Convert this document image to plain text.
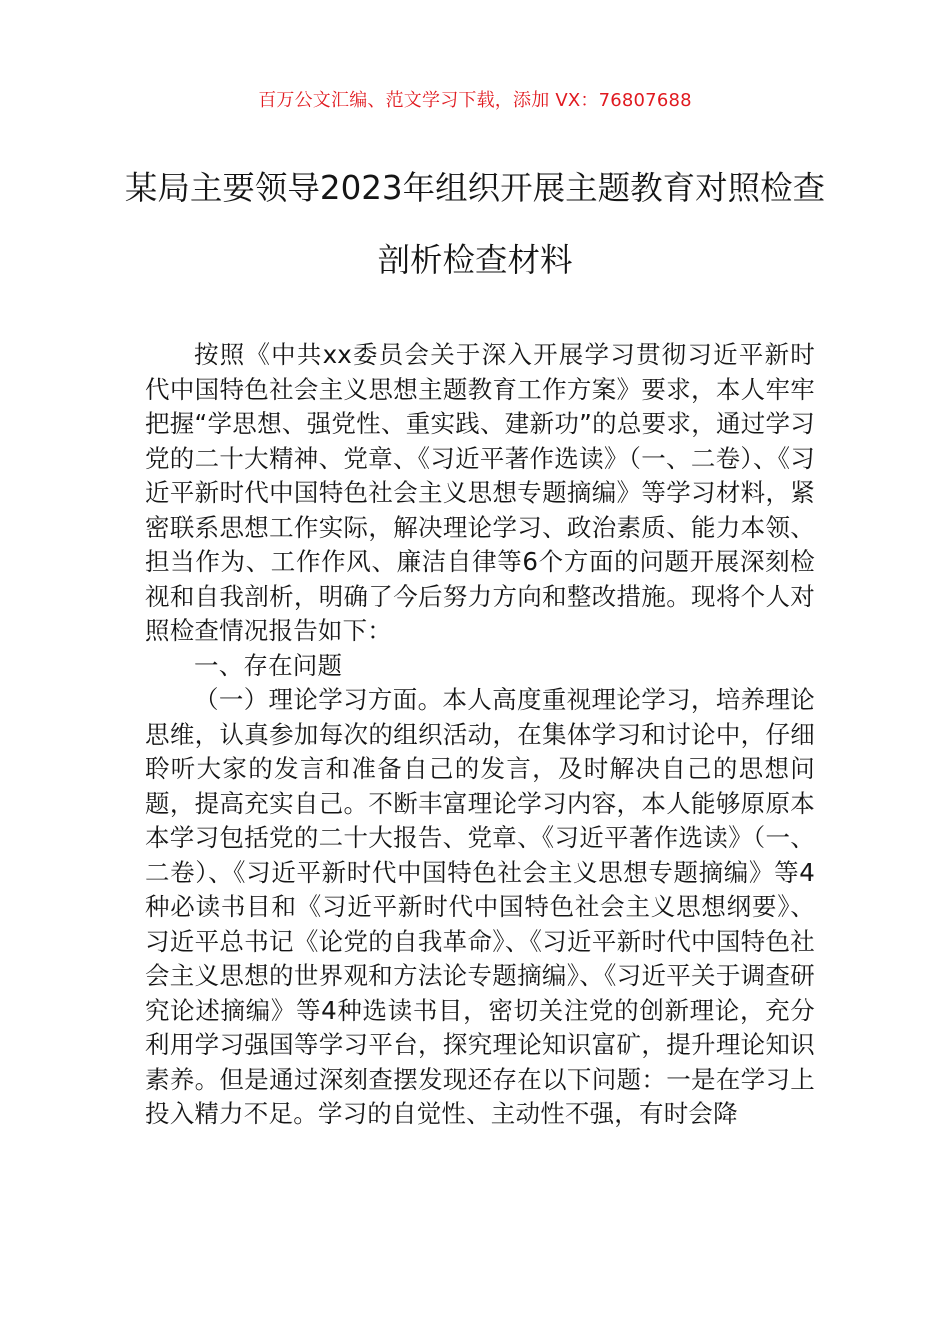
百万公文汇编、范文学习下载，添加 VX：76807688
某局主要领导2023年组织开展主题教育对照检查剖析检查材料

按照《中共xx委员会关于深入开展学习贯彻习近平新时代中国特色社会主义思想主题教育工作方案》要求，本人牢牢把握“学思想、强党性、重实践、建新功”的总要求，通过学习党的二十大精神、党章、《习近平著作选读》（一、二卷）、《习近平新时代中国特色社会主义思想专题摘编》等学习材料，紧密联系思想工作实际，解决理论学习、政治素质、能力本领、担当作为、工作作风、廉洁自律等6个方面的问题开展深刻检视和自我剖析，明确了今后努力方向和整改措施。现将个人对照检查情况报告如下：

一、存在问题

（一）理论学习方面。本人高度重视理论学习，培养理论思维，认真参加每次的组织活动，在集体学习和讨论中，仔细聆听大家的发言和准备自己的发言，及时解决自己的思想问题，提高充实自己。不断丰富理论学习内容，本人能够原原本本学习包括党的二十大报告、党章、《习近平著作选读》（一、二卷）、《习近平新时代中国特色社会主义思想专题摘编》等4种必读书目和《习近平新时代中国特色社会主义思想纲要》、习近平总书记《论党的自我革命》、《习近平新时代中国特色社会主义思想的世界观和方法论专题摘编》、《习近平关于调查研究论述摘编》等4种选读书目，密切关注党的创新理论，充分利用学习强国等学习平台，探究理论知识富矿，提升理论知识素养。但是通过深刻查摆发现还存在以下问题：一是在学习上投入精力不足。学习的自觉性、主动性不强，有时会降
